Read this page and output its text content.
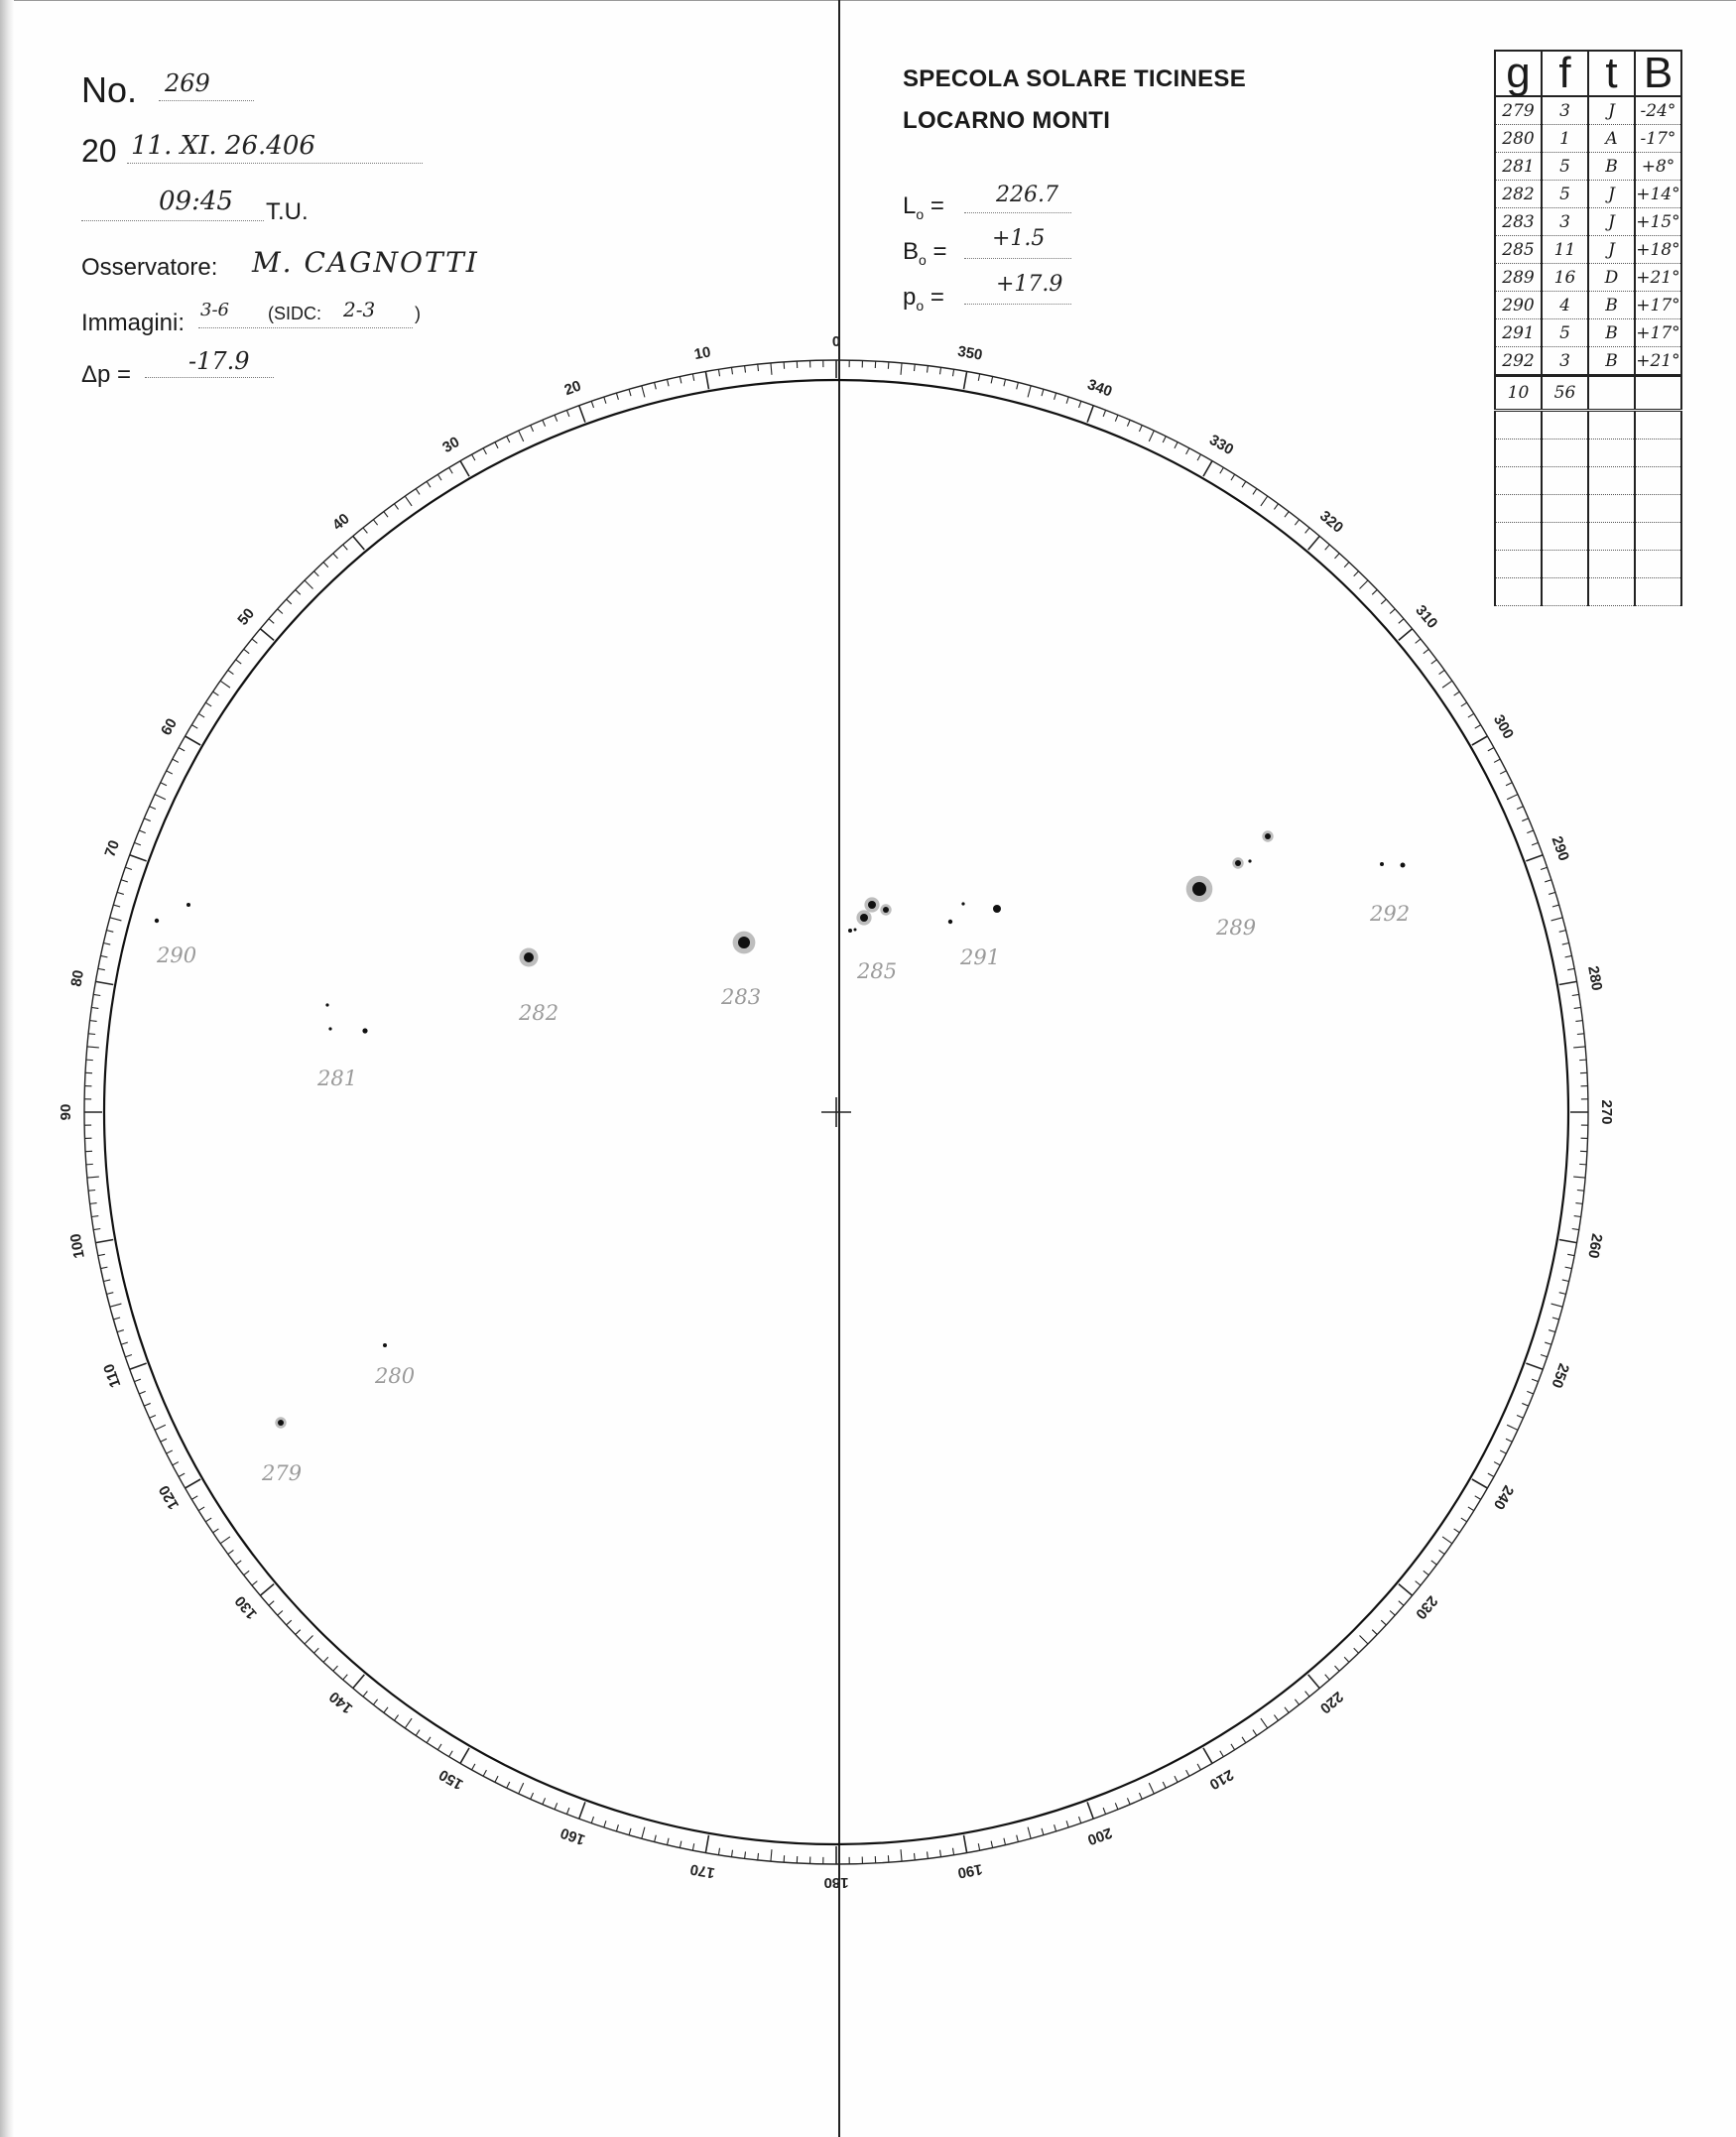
No. 269
20 11. XI. 26.406
09:45 T.U.
Osservatore: M. CAGNOTTI
Immagini: 3-6 (SIDC: 2-3 )
Δp = -17.9
SPECOLA SOLARE TICINESE
LOCARNO MONTI
$L_o = 226.7$
$B_o = +1.5$
$p_o = +17.9$
g	f	t	B
279	3	J	-24°
280	1	A	-17°
281	5	B	+8°
282	5	J	+14°
283	3	J	+15°
285	11	J	+18°
289	16	D	+21°
290	4	B	+17°
291	5	B	+17°
292	3	B	+21°
10	56		

0
10
20
30
40
50
60
70
80
90
100
110
120
130
140
150
160
170
180
190
200
210
220
230
240
250
260
270
280
290
300
310
320
330
340
350
290
282
281
283
285
291
289
292
280
279
